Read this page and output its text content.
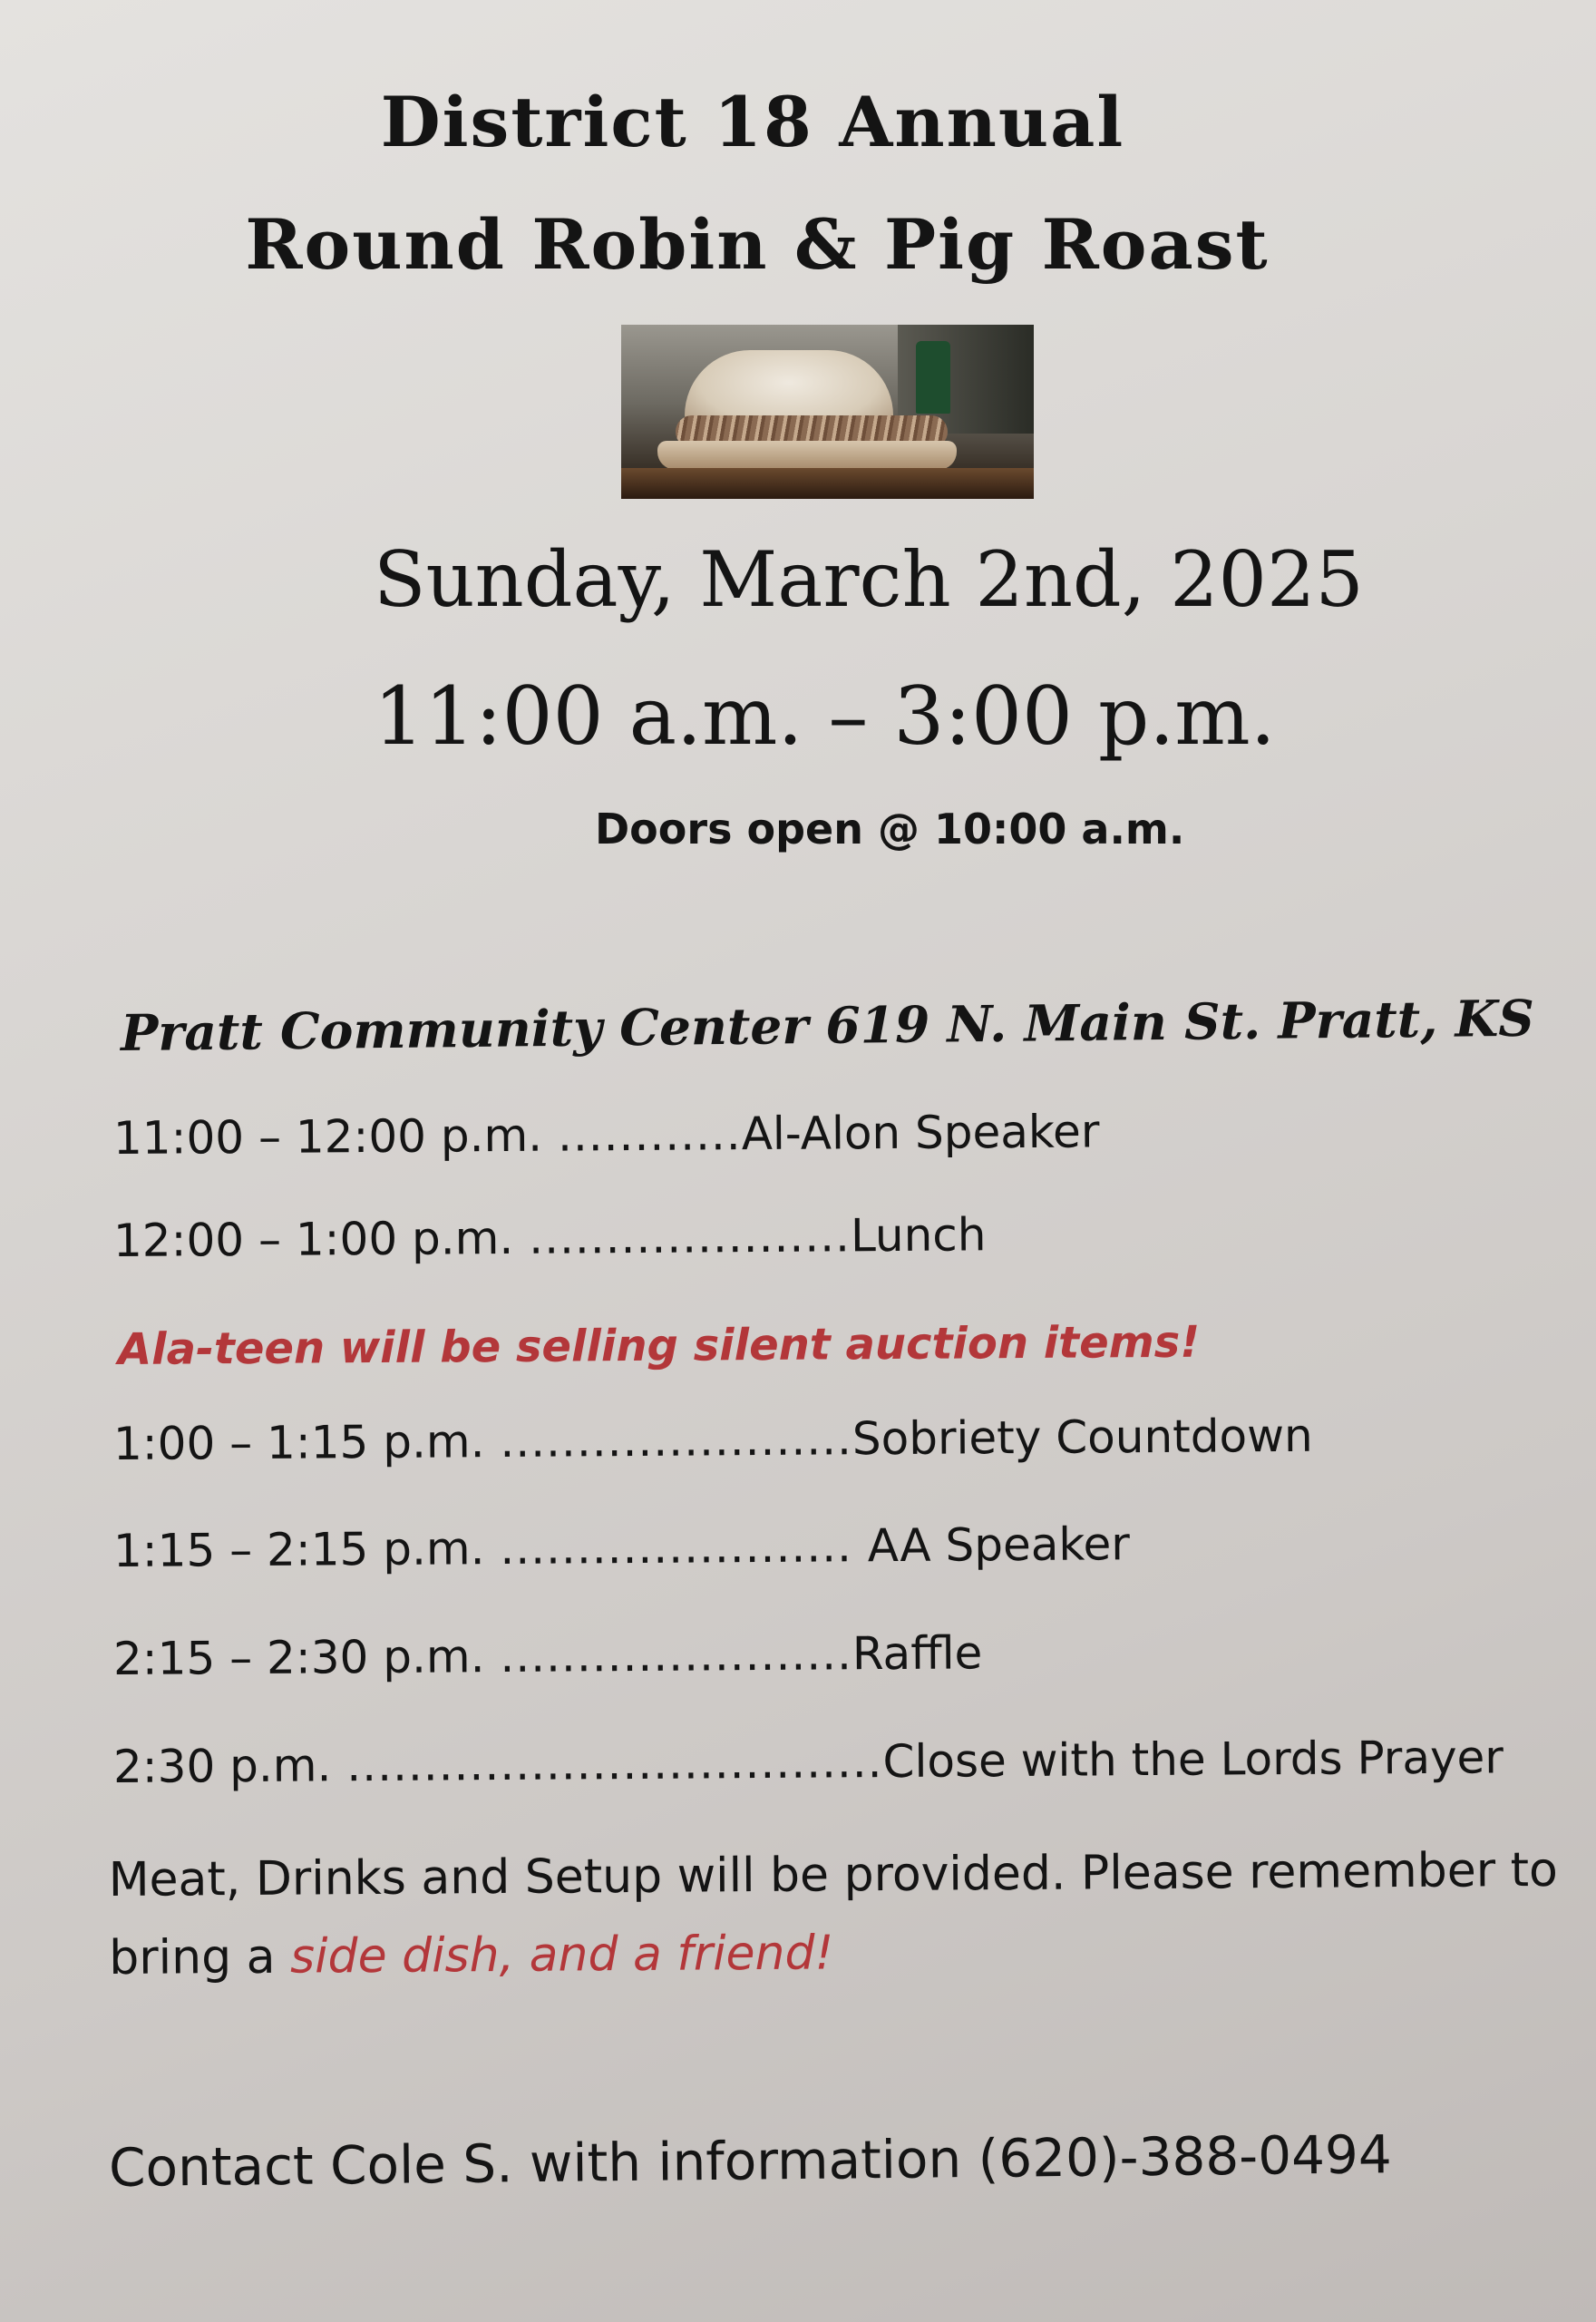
District 18 Annual
Round Robin & Pig Roast
Sunday, March 2nd, 2025
11:00 a.m. – 3:00 p.m.
Doors open @ 10:00 a.m.
Pratt Community Center 619 N. Main St. Pratt, KS
11:00 – 12:00 p.m. ............Al-Alon Speaker
12:00 – 1:00 p.m. .....................Lunch
Ala-teen will be selling silent auction items!
1:00 – 1:15 p.m. .......................Sobriety Countdown
1:15 – 2:15 p.m. ....................... AA Speaker
2:15 – 2:30 p.m. .......................Raffle
2:30 p.m. ...................................Close with the Lords Prayer
Meat, Drinks and Setup will be provided. Please remember to bring a side dish, and a friend!
Contact Cole S. with information (620)-388-0494
